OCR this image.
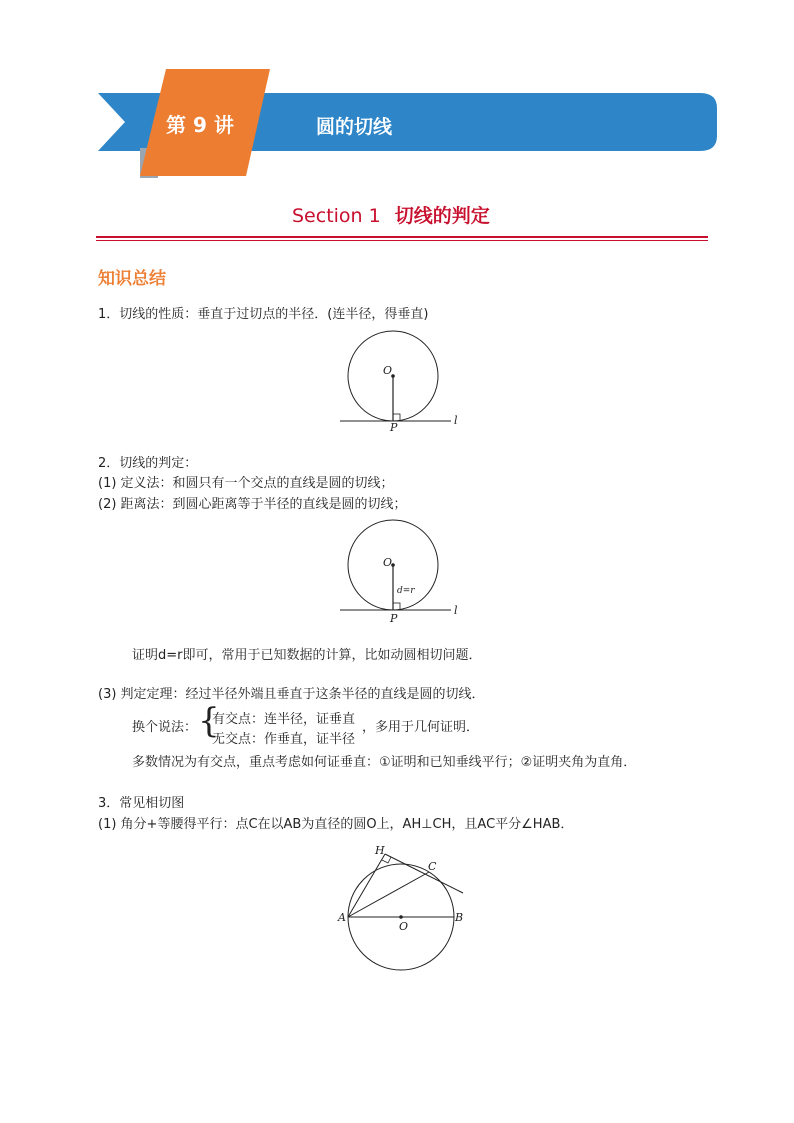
第 9 讲	圆的切线
Section 1 切线的判定
知识总结
1．切线的性质：垂直于过切点的半径．(连半径，得垂直)
O
P
l
2．切线的判定：
(1) 定义法：和圆只有一个交点的直线是圆的切线；
(2) 距离法：到圆心距离等于半径的直线是圆的切线；
O
d=r
P
l
证明d=r即可，常用于已知数据的计算，比如动圆相切问题．
(3) 判定定理：经过半径外端且垂直于这条半径的直线是圆的切线．
换个说法： {
有交点：连半径，证垂直
无交点：作垂直，证半径
，多用于几何证明．
多数情况为有交点，重点考虑如何证垂直：①证明和已知垂线平行；②证明夹角为直角．
3．常见相切图
(1) 角分+等腰得平行：点C在以AB为直径的圆O上，AH⊥CH，且AC平分∠HAB．
H
C
A	B
O
